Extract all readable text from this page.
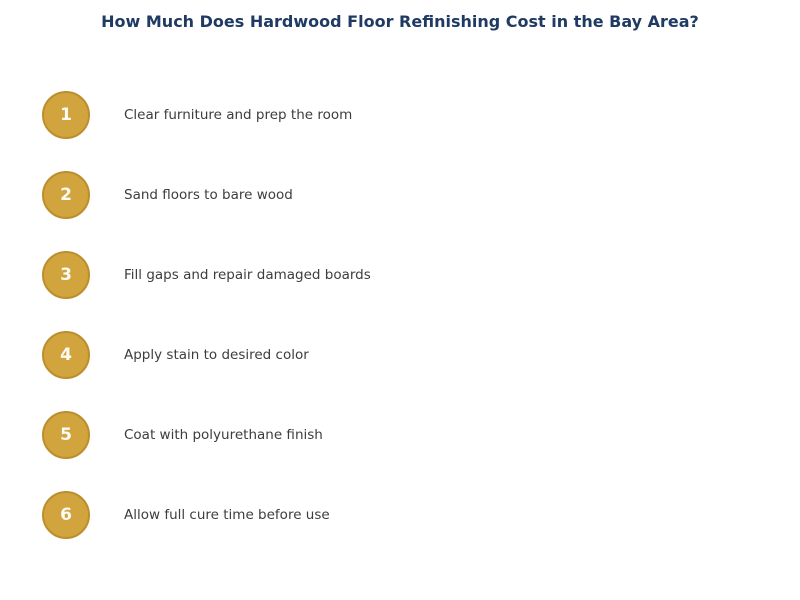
How Much Does Hardwood Floor Refinishing Cost in the Bay Area?
1	Clear furniture and prep the room
2	Sand floors to bare wood
3	Fill gaps and repair damaged boards
4	Apply stain to desired color
5	Coat with polyurethane finish
6	Allow full cure time before use
